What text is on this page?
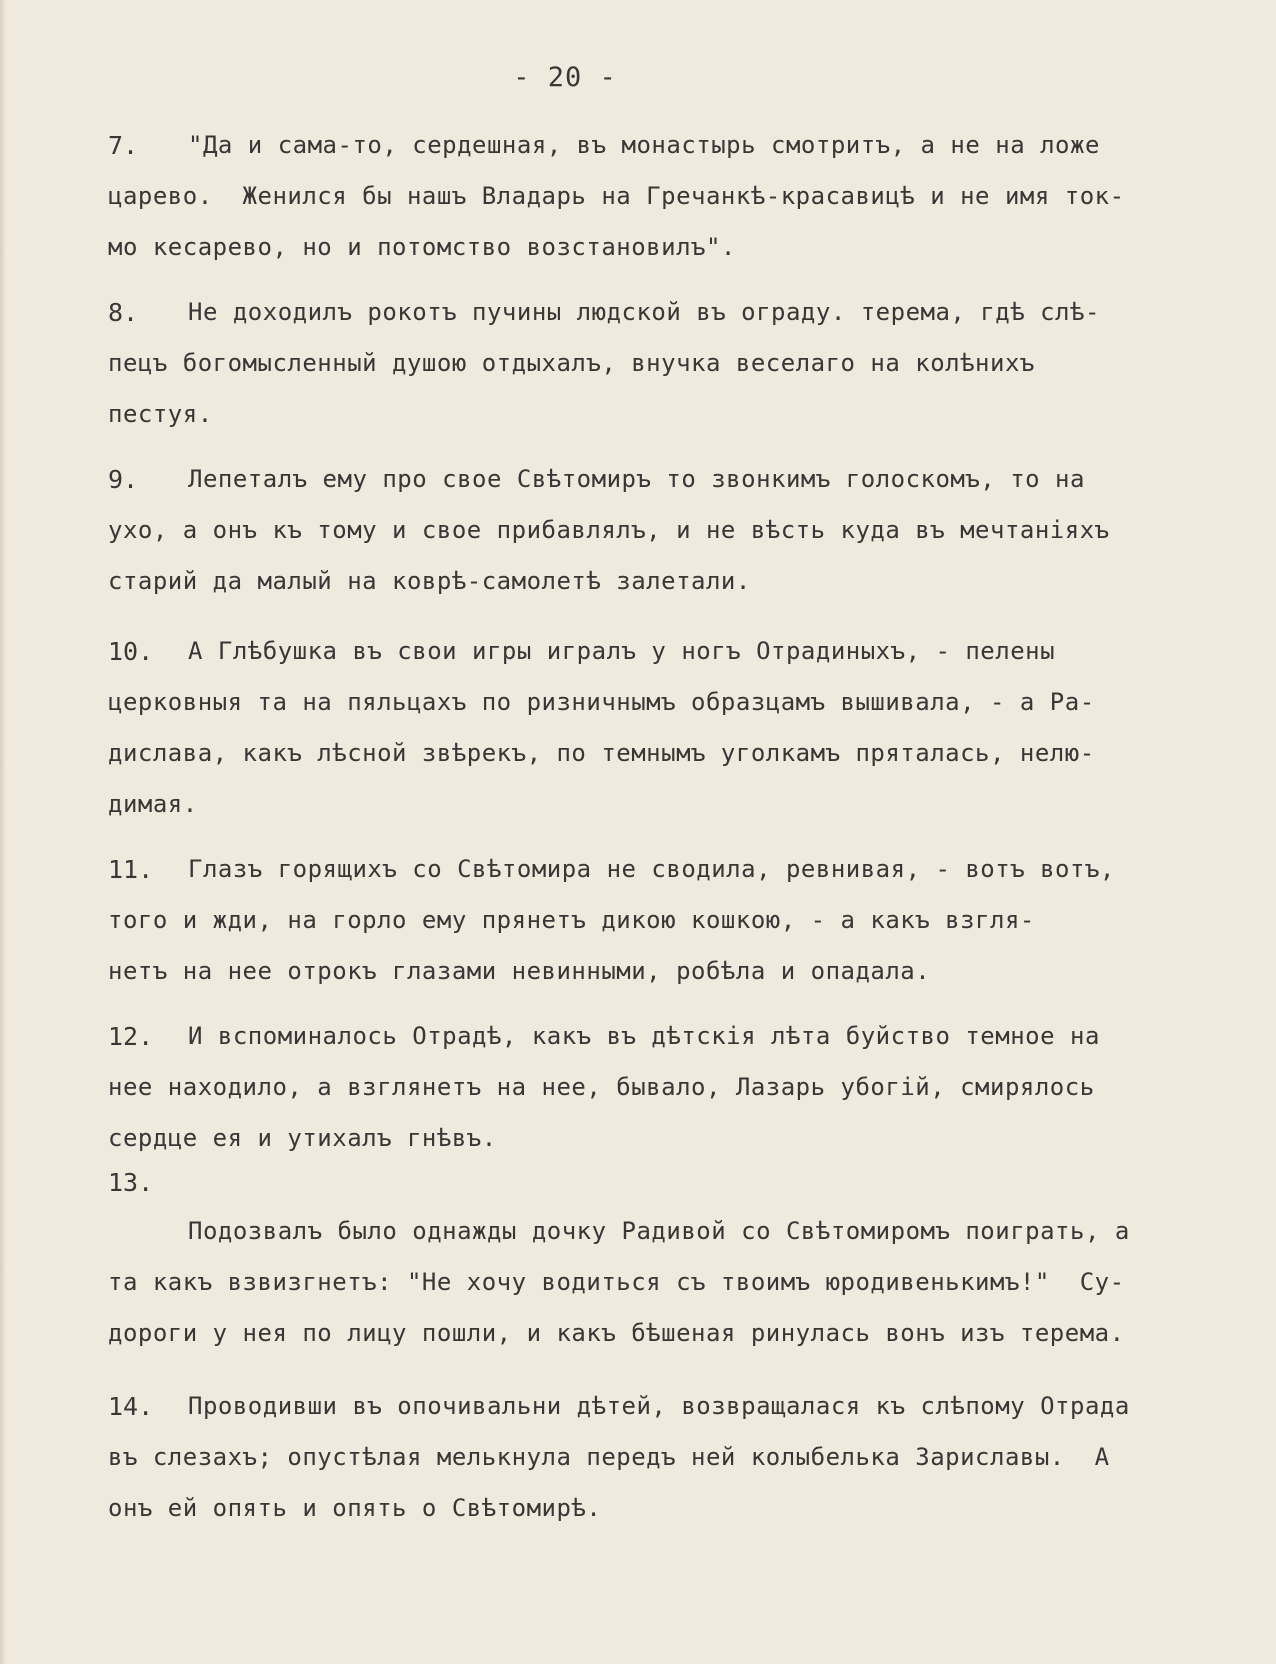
- 20 -
7. "Да и сама-то, сердешная, въ монастырь смотритъ, а не на ложе
царево.  Женился бы нашъ Владарь на Гречанкѣ-красавицѣ и не имя ток-
мо кесарево, но и потомство возстановилъ".
8. Не доходилъ рокотъ пучины людской въ ограду. терема, гдѣ слѣ-
пецъ богомысленный душою отдыхалъ, внучка веселаго на колѣнихъ
пестуя.
9. Лепеталъ ему про свое Свѣтомиръ то звонкимъ голоскомъ, то на
ухо, а онъ къ тому и свое прибавлялъ, и не вѣсть куда въ мечтанiяхъ
старий да малый на коврѣ-самолетѣ залетали.
10. А Глѣбушка въ свои игры игралъ у ногъ Отрадиныхъ, - пелены
церковныя та на пяльцахъ по ризничнымъ образцамъ вышивала, - а Ра-
дислава, какъ лѣсной звѣрекъ, по темнымъ уголкамъ пряталась, нелю-
димая.
11. Глазъ горящихъ со Свѣтомира не сводила, ревнивая, - вотъ вотъ,
того и жди, на горло ему прянетъ дикою кошкою, - а какъ взгля-
нетъ на нее отрокъ глазами невинными, робѣла и опадала.
12. И вспоминалось Отрадѣ, какъ въ дѣтскiя лѣта буйство темное на
нее находило, а взглянетъ на нее, бывало, Лазарь убогiй, смирялось
сердце ея и утихалъ гнѣвъ.
13.
Подозвалъ было однажды дочку Радивой со Свѣтомиромъ поиграть, а
та какъ взвизгнетъ: "Не хочу водиться съ твоимъ юродивенькимъ!"  Су-
дороги у нея по лицу пошли, и какъ бѣшеная ринулась вонъ изъ терема.
14. Проводивши въ опочивальни дѣтей, возвращалася къ слѣпому Отрада
въ слезахъ; опустѣлая мелькнула передъ ней колыбелька Зариславы.  А
онъ ей опять и опять о Свѣтомирѣ.
